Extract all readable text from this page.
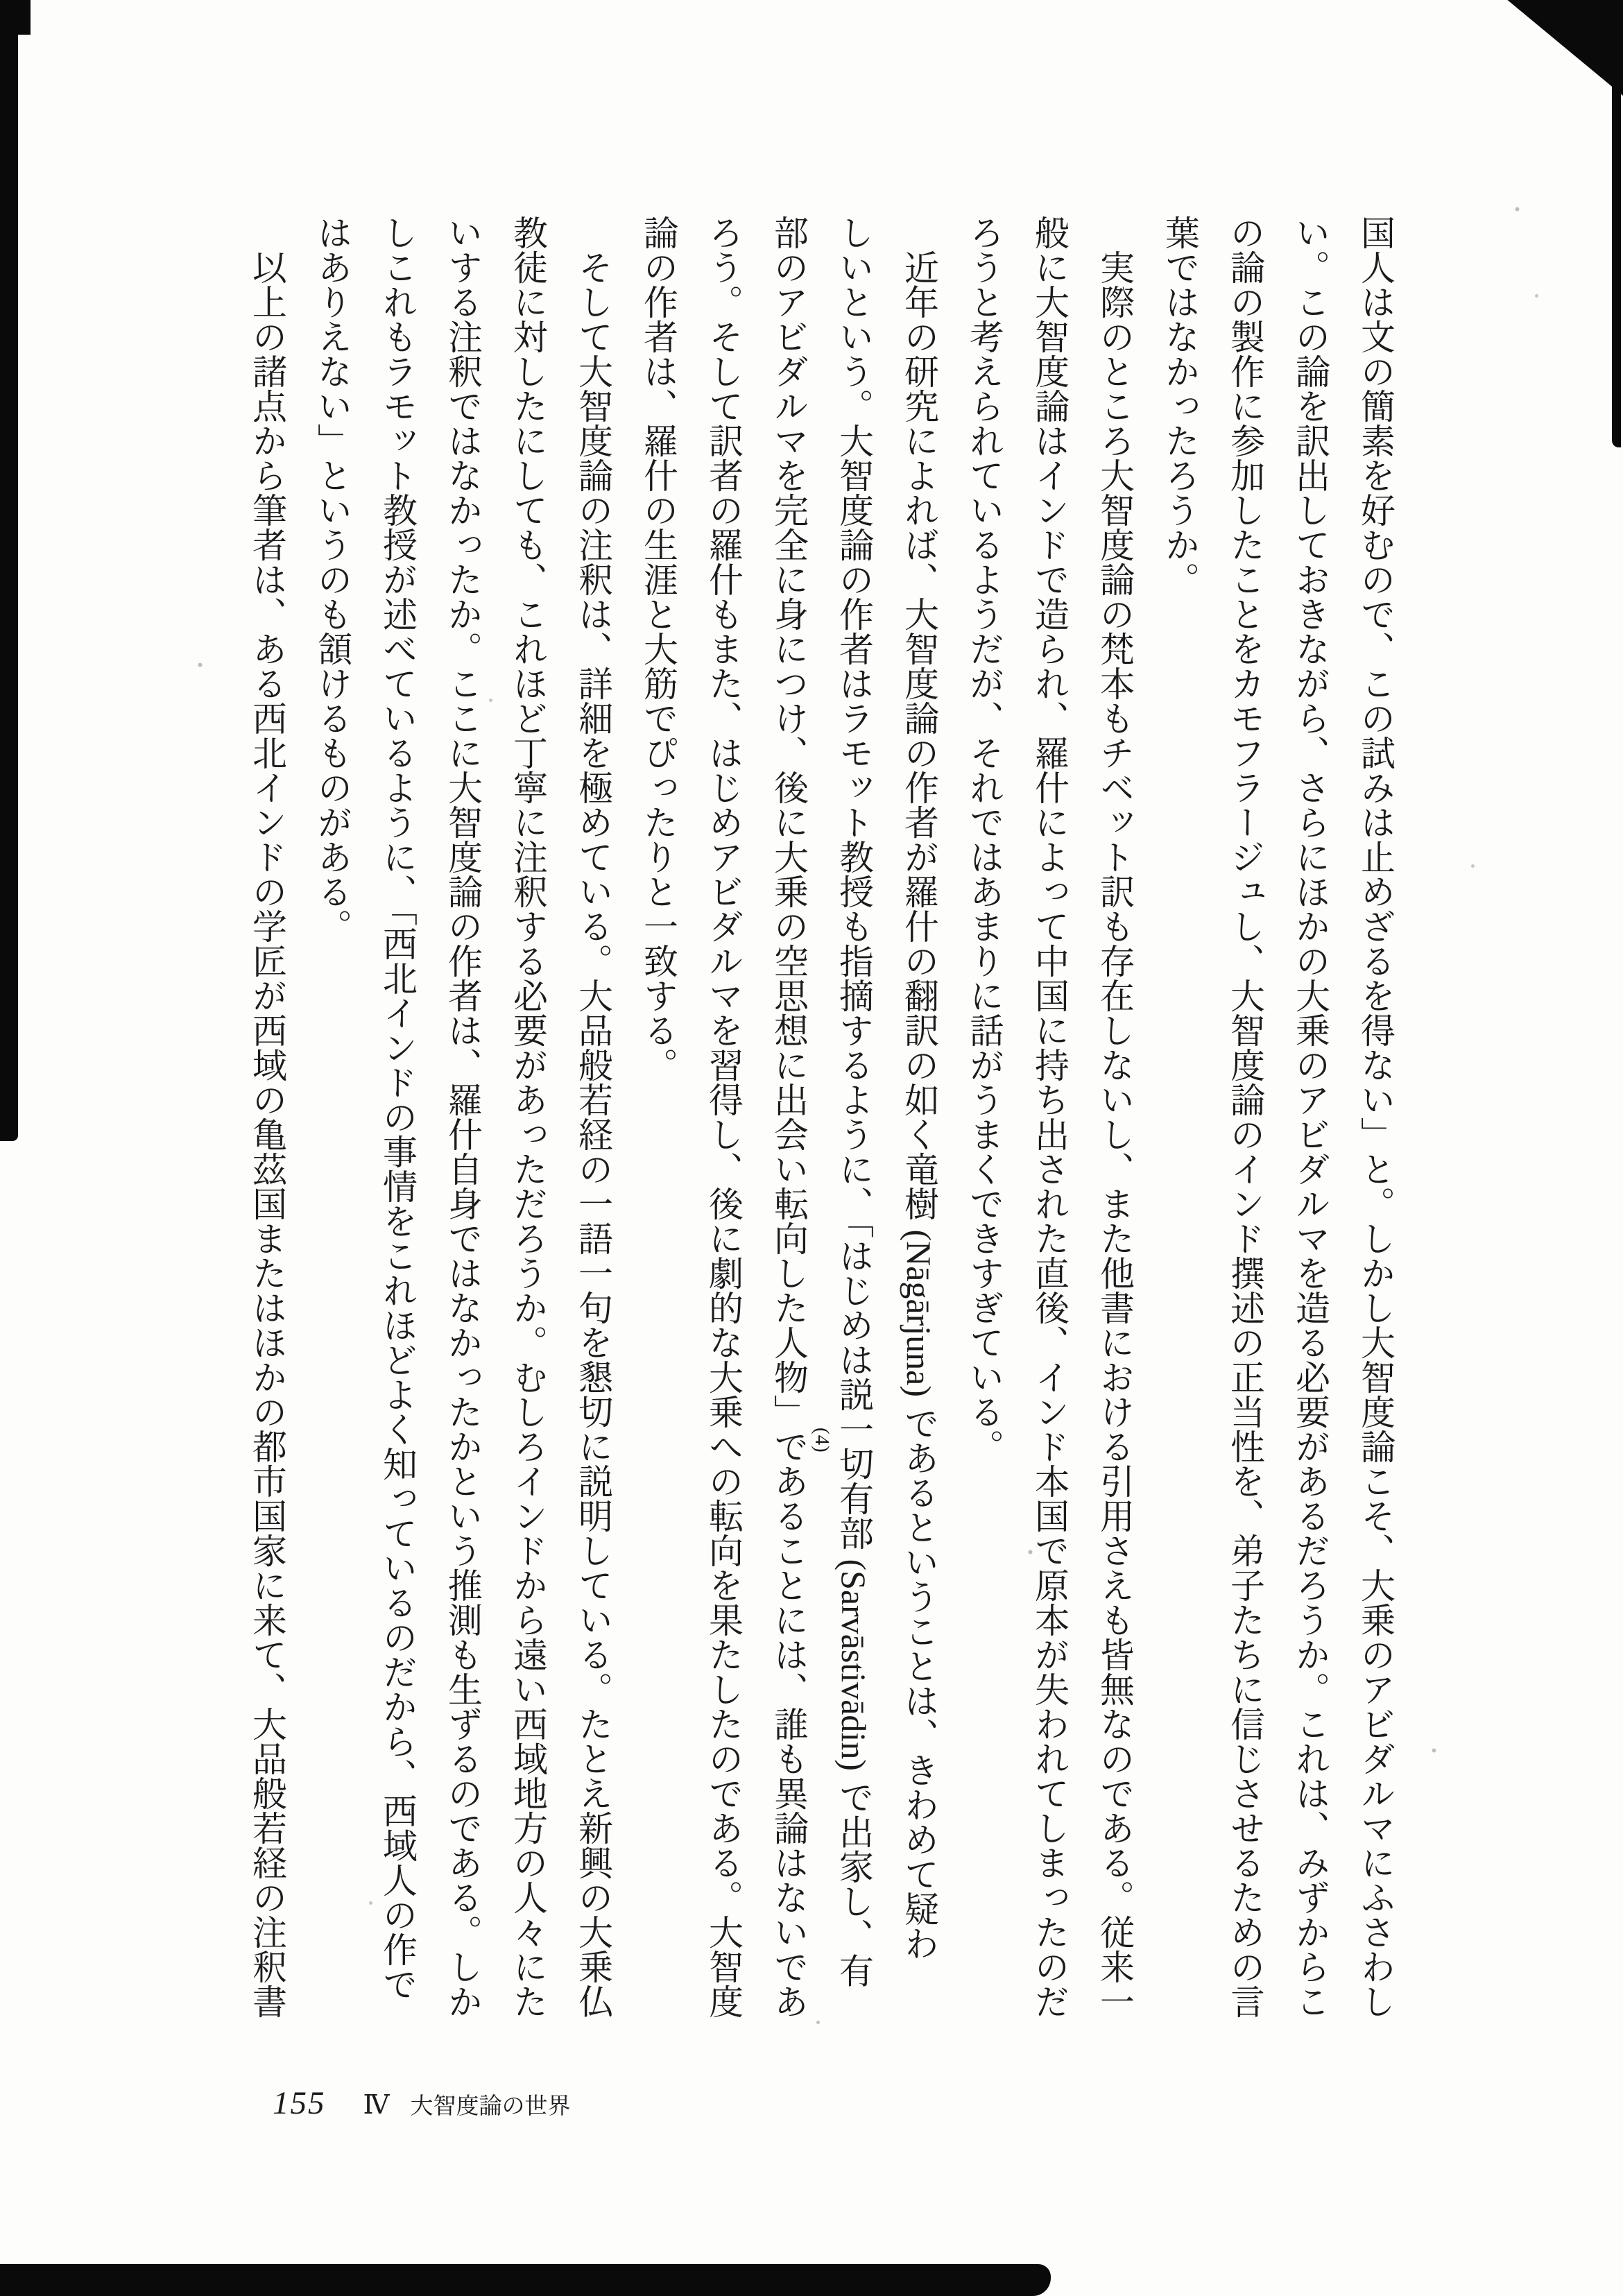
国人は文の簡素を好むので、この試みは止めざるを得ない」と。しかし大智度論こそ、大乗のアビダルマにふさわし
い。この論を訳出しておきながら、さらにほかの大乗のアビダルマを造る必要があるだろうか。これは、みずからこ
の論の製作に参加したことをカモフラージュし、大智度論のインド撰述の正当性を、弟子たちに信じさせるための言
葉ではなかったろうか。
　実際のところ大智度論の梵本もチベット訳も存在しないし、また他書における引用さえも皆無なのである。従来一
般に大智度論はインドで造られ、羅什によって中国に持ち出された直後、インド本国で原本が失われてしまったのだ
ろうと考えられているようだが、それではあまりに話がうまくできすぎている。
　近年の研究によれば、大智度論の作者が羅什の翻訳の如く竜樹 (Nāgārjuna) であるということは、きわめて疑わ
しいという。大智度論の作者はラモット教授も指摘するように、「はじめは説一切有部 (Sarvāstivādin) で出家し、有
部のアビダルマを完全に身につけ、後に大乗の空思想に出会い転向した人物」であることには、誰も異論はないであ
ろう。そして訳者の羅什もまた、はじめアビダルマを習得し、後に劇的な大乗への転向を果たしたのである。大智度
論の作者は、羅什の生涯と大筋でぴったりと一致する。
　そして大智度論の注釈は、詳細を極めている。大品般若経の一語一句を懇切に説明している。たとえ新興の大乗仏
教徒に対したにしても、これほど丁寧に注釈する必要があっただろうか。むしろインドから遠い西域地方の人々にた
いする注釈ではなかったか。ここに大智度論の作者は、羅什自身ではなかったかという推測も生ずるのである。しか
しこれもラモット教授が述べているように、「西北インドの事情をこれほどよく知っているのだから、西域人の作で
はありえない」というのも頷けるものがある。
　以上の諸点から筆者は、ある西北インドの学匠が西域の亀茲国またはほかの都市国家に来て、大品般若経の注釈書	(4)
155 Ⅳ 大智度論の世界
